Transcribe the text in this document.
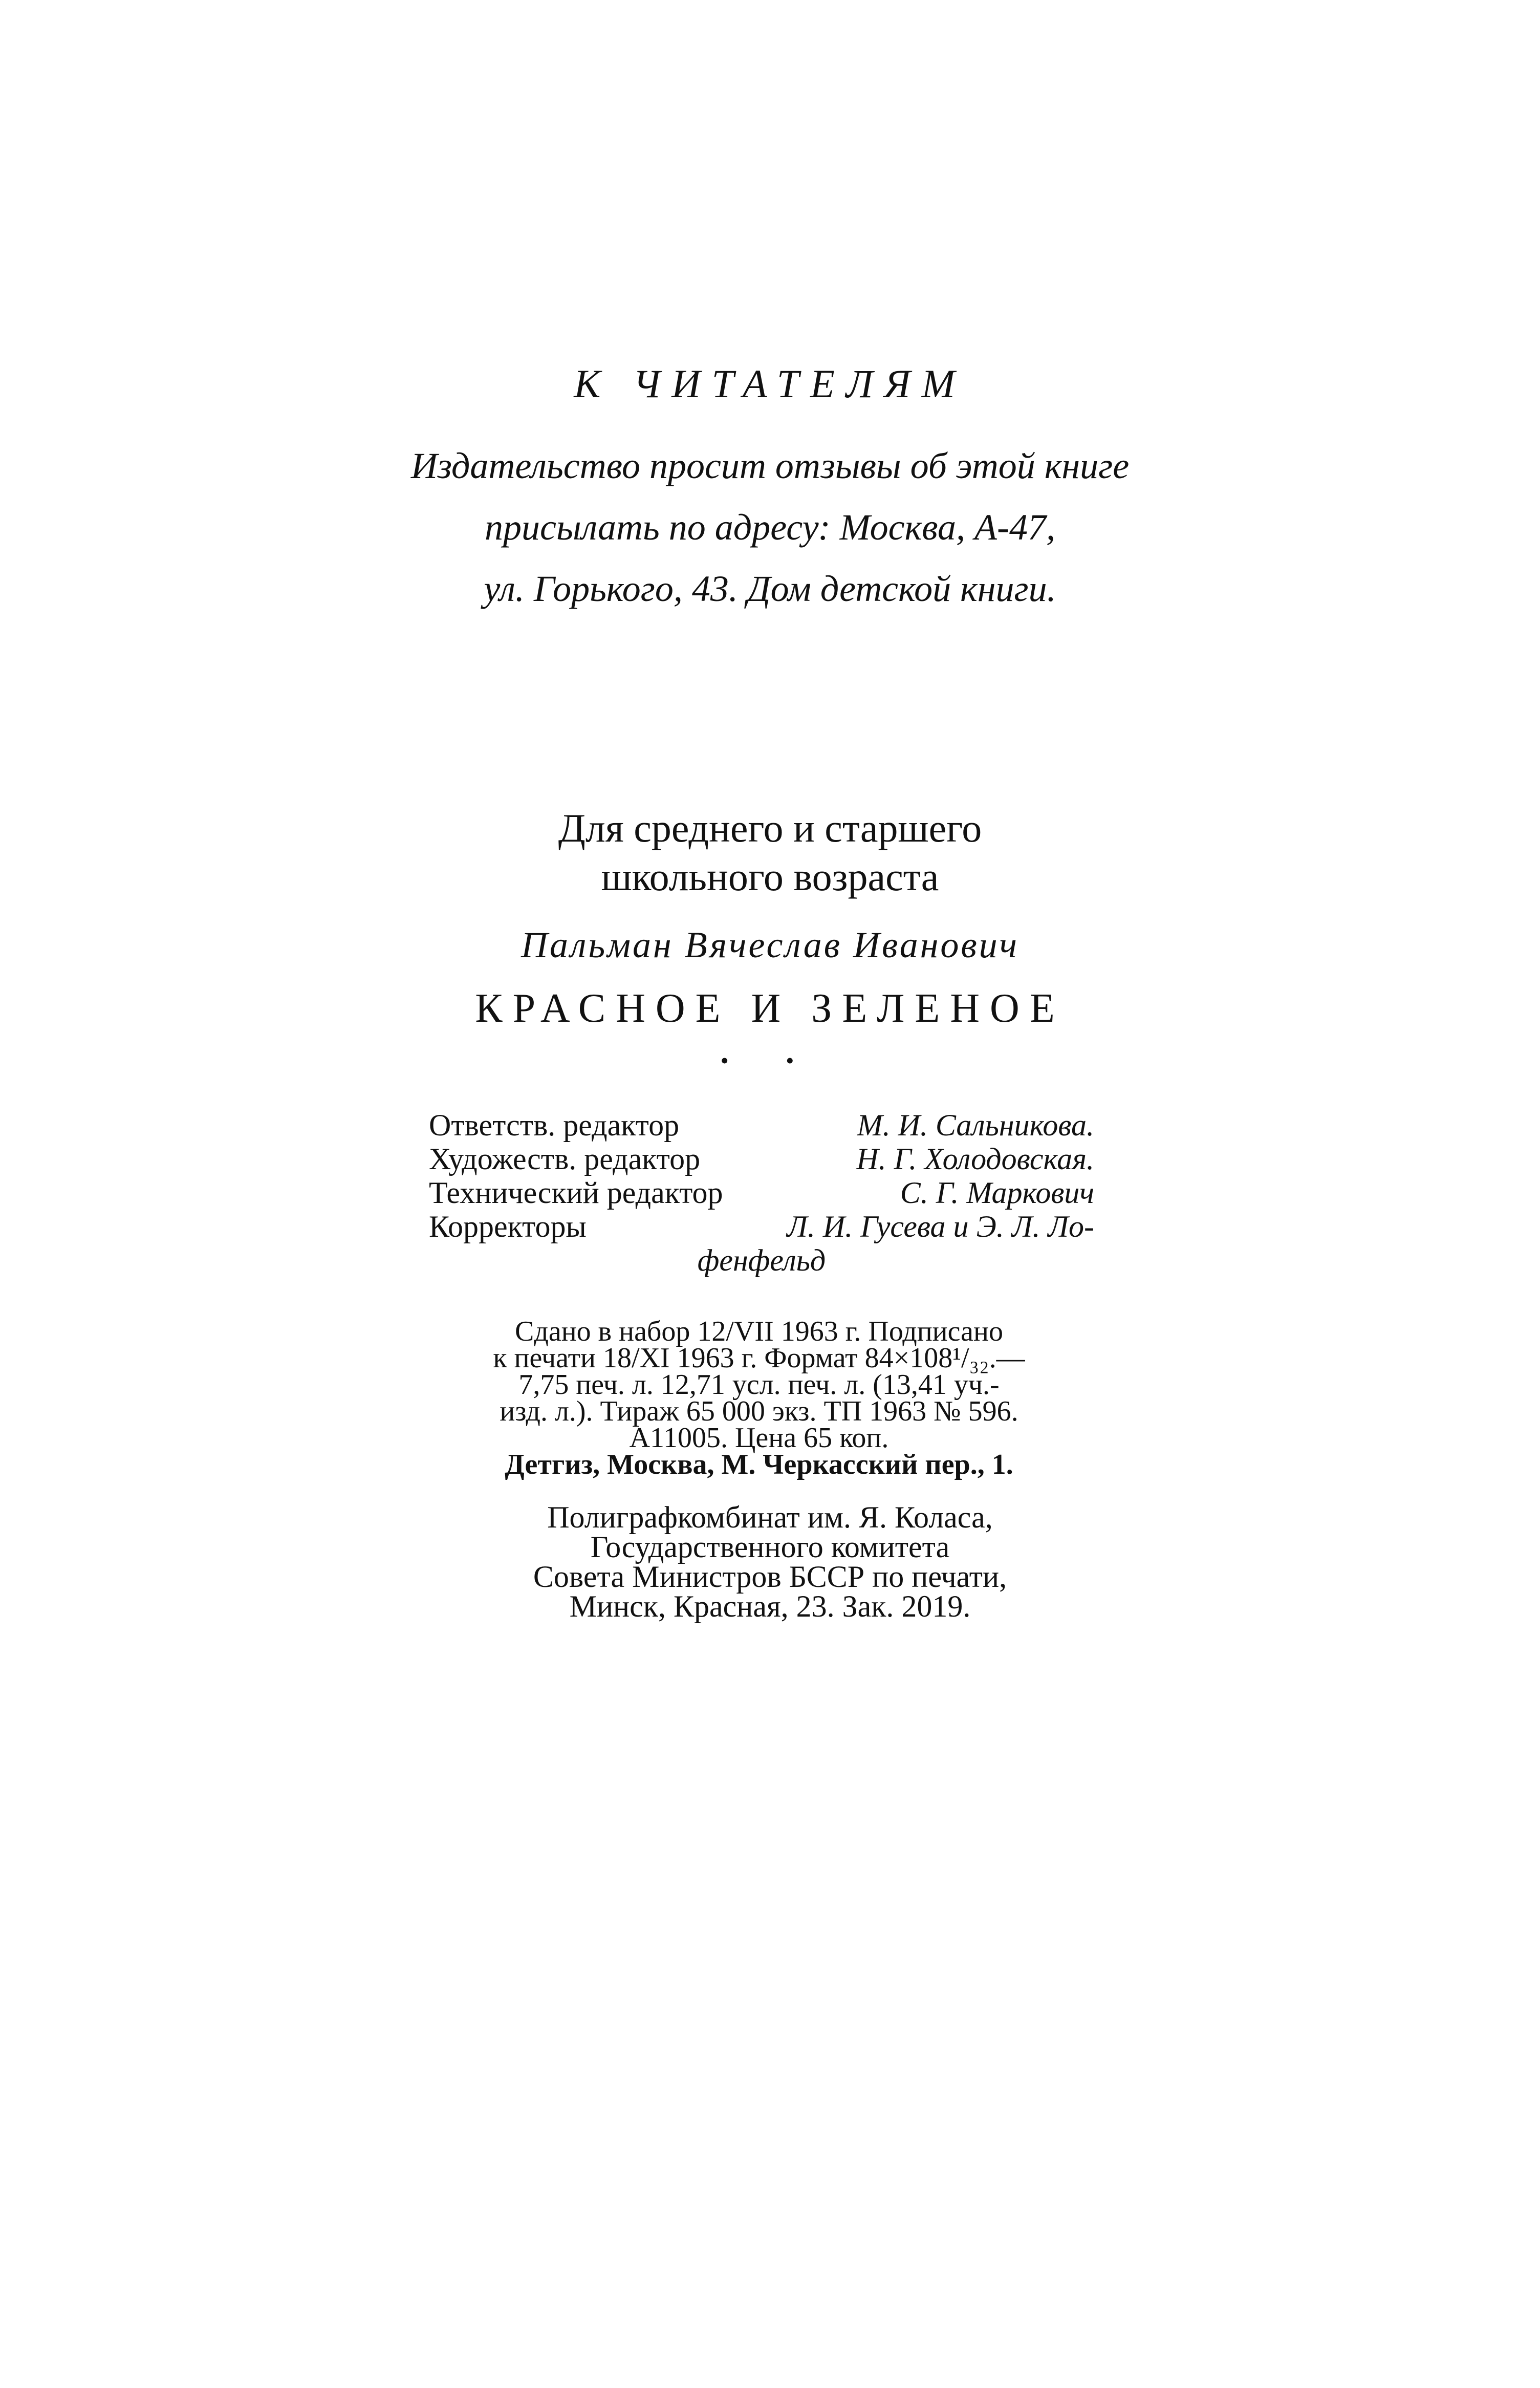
К ЧИТАТЕЛЯМ
Издательство просит отзывы об этой книге
присылать по адресу: Москва, А-47,
ул. Горького, 43. Дом детской книги.
Для среднего и старшего
школьного возраста
Пальман Вячеслав Иванович
КРАСНОЕ И ЗЕЛЕНОЕ
• •
Ответств. редактор	М. И. Сальникова.
Художеств. редактор	Н. Г. Холодовская.
Технический редактор	С. Г. Маркович
Корректоры	Л. И. Гусева и Э. Л. Ло-
фенфельд
Сдано в набор 12/VII 1963 г. Подписано
к печати 18/XI 1963 г. Формат 84×108¹/₃₂.—
7,75 печ. л. 12,71 усл. печ. л. (13,41 уч.-
изд. л.). Тираж 65 000 экз. ТП 1963 № 596.
А11005. Цена 65 коп.
Детгиз, Москва, М. Черкасский пер., 1.
Полиграфкомбинат им. Я. Коласа,
Государственного комитета
Совета Министров БССР по печати,
Минск, Красная, 23. Зак. 2019.
